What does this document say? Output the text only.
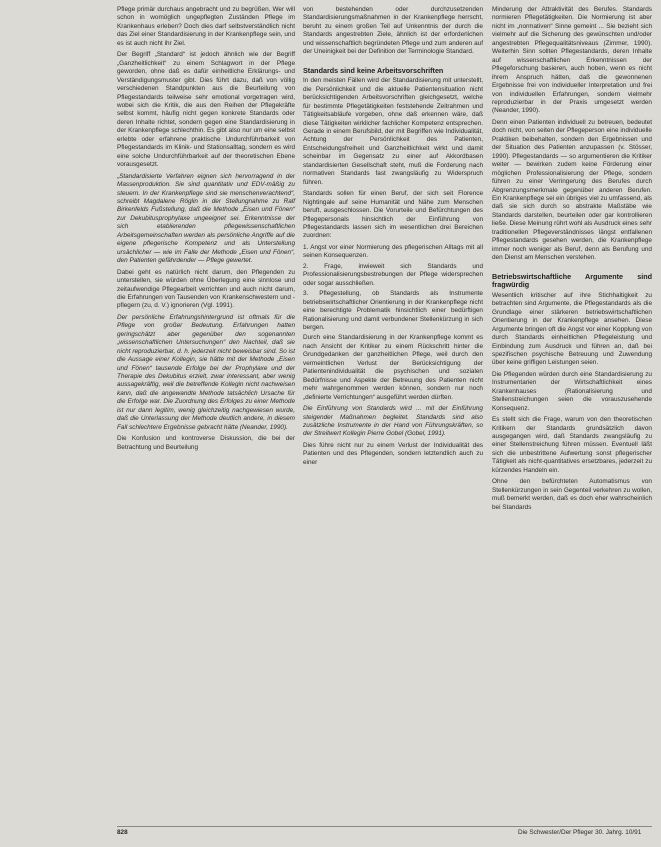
Pflege primär durchaus angebracht und zu begrüßen. Wer will schon in womöglich ungepflegten Zuständen Pflege im Krankenhaus erleben? Doch dies darf selbstverständlich nicht das Ziel einer Standardisierung in der Krankenpflege sein, und es ist auch nicht ihr Ziel.

Der Begriff „Standard“ ist jedoch ähnlich wie der Begriff „Ganzheitlichkeit“ zu einem Schlagwort in der Pflege geworden, ohne daß es dafür einheitliche Erklärungs- und Verständigungsmuster gibt. Dies führt dazu, daß von völlig verschiedenen Standpunkten aus die Beurteilung von Pflegestandards teilweise sehr emotional vorgetragen wird, wobei sich die Kritik, die aus den Reihen der Pflegekräfte selbst kommt, häufig nicht gegen konkrete Standards oder deren Inhalte richtet, sondern gegen eine Standardisierung in der Krankenpflege schlechthin. Es gibt also nur um eine selbst erlebte oder erfahrene praktische Undurchführbarkeit von Pflegestandards im Klinik- und Stationsalltag, sondern es wird eine solche Undurchführbarkeit auf der theoretischen Ebene vorausgesetzt.

„Standardisierte Verfahren eignen sich hervorragend in der Massenproduktion. Sie sind quantitativ und EDV-mäßig zu steuern. In der Krankenpflege sind sie menschenverachtend“, schreibt Magdalene Röglin in der Stellungnahme zu Ralf Birkenfelds Fußstellung, daß die Methode „Eisen und Fönen“ zur Dekubitusprophylaxe ungeeignet sei. Erkenntnisse der sich etablierenden pflegewissenschaftlichen Arbeitsgemeinschaften werden als persönliche Angriffe auf die eigene pflegerische Kompetenz und als Unterstellung ursächlicher — wie im Falle der Methode „Eisen und Fönen“, den Patienten gefährdender — Pflege gewertet.

Dabei geht es natürlich nicht darum, den Pflegenden zu unterstellen, sie würden ohne Überlegung eine sinnlose und zeitaufwendige Pflegearbeit verrichten und auch nicht darum, die Erfahrungen von Tausenden von Krankenschwestern und -pflegern (zu, d. V.) ignorieren (Vgl. 1991).

Der persönliche Erfahrungshintergrund ist oftmals für die Pflege von großer Bedeutung. Erfahrungen hatten geringschätzt aber gegenüber den sogenannten „wissenschaftlichen Untersuchungen“ den Nachteil, daß sie nicht reproduzierbar, d. h. jederzeit nicht beweisbar sind. So ist die Aussage einer Kollegin, sie hätte mit der Methode „Eisen und Fönen“ tausende Erfolge bei der Prophylaxe und der Therapie des Dekubitus erzielt, zwar interessant, aber wenig aussagekräftig, weil die betreffende Kollegin nicht nachweisen kann, daß die angewandte Methode tatsächlich Ursache für die Erfolge war. Die Zuordnung des Erfolges zu einer Methode ist nur dann legitim, wenig gleichzeitig nachgewiesen wurde, daß die Unterlassung der Methode deutlich andere, in diesem Fall schlechtere Ergebnisse gebracht hätte (Neander, 1990).

Die Konfusion und kontroverse Diskussion, die bei der Betrachtung und Beurteilung

von bestehenden oder durchzusetzenden Standardisierungsmaßnahmen in der Krankenpflege herrscht, beruht zu einem großen Teil auf Unkenntnis der durch die Standards angestrebten Ziele, ähnlich ist der erforderlichen und wissenschaftlich begründeten Pflege und zum anderen auf der Uneinigkeit bei der Definition der Terminologie Standard.

Standards sind keine Arbeitsvorschriften

In den meisten Fällen wird der Standardisierung mit unterstellt, die Persönlichkeit und die aktuelle Patientensituation nicht berücksichtigenden Arbeitsvorschriften gleichgesetzt, welche für bestimmte Pflegetätigkeiten feststehende Zeitrahmen und Tätigkeitsabläufe vorgeben, ohne daß erkennen wäre, daß diese Tätigkeiten wirklicher fachlicher Kompetenz entsprechen. Gerade in einem Berufsbild, der mit Begriffen wie Individualität, Achtung der Persönlichkeit des Patienten, Entscheidungsfreiheit und Ganzheitlichkeit wirkt und damit scheinbar im Gegensatz zu einer auf Akkordbasen standardisierten Gesellschaft steht, muß die Forderung nach normativen Standards fast zwangsläufig zu Widerspruch führen.

Standards sollen für einen Beruf, der sich seit Florence Nightingale auf seine Humanität und Nähe zum Menschen beruft, ausgeschlossen. Die Vorurteile und Befürchtungen des Pflegepersonals hinsichtlich der Einführung von Pflegestandards lassen sich im wesentlichen drei Bereichen zuordnen:

1. Angst vor einer Normierung des pflegerischen Alltags mit all seinen Konsequenzen.

2. Frage, inwieweit sich Standards und Professionalisierungsbestrebungen der Pflege widersprechen oder sogar ausschließen.

3. Pflegestellung, ob Standards als Instrumente betriebswirtschaftlicher Orientierung in der Krankenpflege nicht eine berechtigte Problematik hinsichtlich einer bedürftigen Rationalisierung und damit verbundener Stellenkürzung in sich bergen.

Durch eine Standardisierung in der Krankenpflege kommt es nach Ansicht der Kritiker zu einem Rückschritt hinter die Grundgedanken der ganzheitlichen Pflege, weil durch den vermeintlichen Verlust der Berücksichtigung der Patientenindividualität die psychischen und sozialen Bedürfnisse und Aspekte der Betreuung des Patienten nicht mehr wahrgenommen werden können, sondern nur noch „definierte Verrichtungen“ ausgeführt werden dürften.

Die Einführung von Standards wird ... mit der Einführung steigender Maßnahmen begleitet. Standards sind also zusätzliche Instrumente in der Hand von Führungskräften, so der Streitwert Kollegin Pierre Gobel (Gobel, 1991).

Dies führe nicht nur zu einem Verlust der Individualität des Patienten und des Pflegenden, sondern letztendlich auch zu einer

Minderung der Attraktivität des Berufes. Standards normieren Pflegetätigkeiten. Die Normierung ist aber nicht im „normativen“ Sinne gemeint ... Sie bezieht sich vielmehr auf die Sicherung des gewünschten und/oder angestrebten Pflegequalitätsniveaus (Zimmer, 1990). Weiterhin Sinn sollten Pflegestandards, deren Inhalte auf wissenschaftlichen Erkenntnissen der Pflegeforschung basieren, auch hoben, wenn es nicht ihrem Anspruch hätten, daß die gewonnenen Ergebnisse frei von individueller Interpretation und frei von individuellen Erfahrungen, sondern vielmehr reproduzierbar in der Praxis umgesetzt werden (Neander, 1990).

Denn einen Patienten individuell zu betreuen, bedeutet doch nicht, von seiten der Pflegeperson eine individuelle Praktiken beibehalten, sondern den Ergebnissen und der Situation des Patienten anzupassen (v. Stösser, 1990). Pflegestandards — so argumentieren die Kritiker weiter — bewirken zudem keine Förderung einer möglichen Professionalisierung der Pflege, sondern führen zu einer Verringerung des Berufes durch Abgrenzungsmerkmale gegenüber anderen Berufen. Ein Krankenpflege sei ein übriges viel zu umfassend, als daß sie sich durch so abstrakte Maßstäbe wie Standards darstellen, beurteilen oder gar kontrollieren ließe. Diese Meinung rührt wohl als Ausdruck eines sehr traditionellen Pflegeverständnisses längst entfallenen Pflegestandards gesehen werden, die Krankenpflege immer noch weniger als Beruf, denn als Berufung und den Dienst am Menschen verstehen.

Betriebswirtschaftliche Argumente sind fragwürdig

Wesentlich kritischer auf ihre Stichhaltigkeit zu betrachten sind Argumente, die Pflegestandards als die Grundlage einer stärkeren betriebswirtschaftlichen Orientierung in der Krankenpflege ansehen. Diese Argumente bringen oft die Angst vor einer Kopplung von durch Standards einheitlichen Pflegeleistung und Einbindung zum Ausdruck und führen an, daß bei spezifischen psychische Betreuung und Zuwendung über keine griffigen Leistungen seien.

Die Pflegenden würden durch eine Standardisierung zu Instrumentarien der Wirtschaftlichkeit eines Krankenhauses (Rationalisierung und Stellenstreichungen seien die vorauszusehende Konsequenz.

Es stellt sich die Frage, warum von den theoretischen Kritikern der Standards grundsätzlich davon ausgegangen wird, daß Standards zwangsläufig zu einer Stellenstreichung führen müssen. Eventuell läßt sich die unbestrittene Aufwertung sonst pflegerischer Tätigkeit als nicht-quantitatives ersetzbares, jederzeit zu kürzendes Handeln ein.

Ohne den befürchteten Automatismus von Stellenkürzungen in sein Gegenteil verkehren zu wollen, muß bemerkt werden, daß es doch eher wahrscheinlich bei Standards

828	Die Schwester/Der Pfleger 30. Jahrg. 10/91
